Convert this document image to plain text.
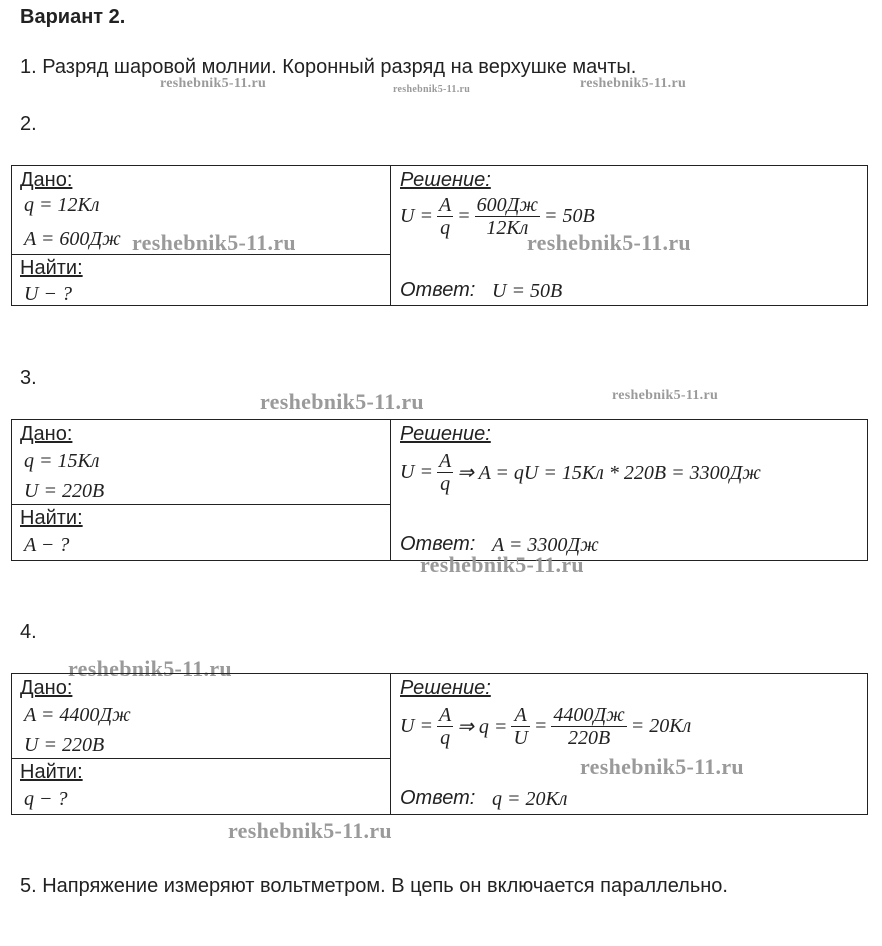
Вариант 2.
1. Разряд шаровой молнии. Коронный разряд на верхушке мачты.
reshebnik5-11.ru	reshebnik5-11.ru	reshebnik5-11.ru
2.
Дано:
q = 12Кл
A = 600Дж
Найти:
U − ?
Решение:
$U = \frac{A}{q} = \frac{600Дж}{12Кл} = 50В$
Ответ: U = 50В
reshebnik5-11.ru	reshebnik5-11.ru
3.
reshebnik5-11.ru	reshebnik5-11.ru
Дано:
q = 15Кл
U = 220В
Найти:
A − ?
Решение:
$U = \frac{A}{q}$ ⇒ A = qU = 15Кл * 220В = 3300Дж
Ответ: A = 3300Дж
reshebnik5-11.ru
4.
reshebnik5-11.ru
Дано:
A = 4400Дж
U = 220В
Найти:
q − ?
Решение:
$U = \frac{A}{q}$ ⇒ $q = \frac{A}{U} = \frac{4400Дж}{220В} = 20Кл$
Ответ: q = 20Кл
reshebnik5-11.ru
reshebnik5-11.ru
5. Напряжение измеряют вольтметром. В цепь он включается параллельно.
